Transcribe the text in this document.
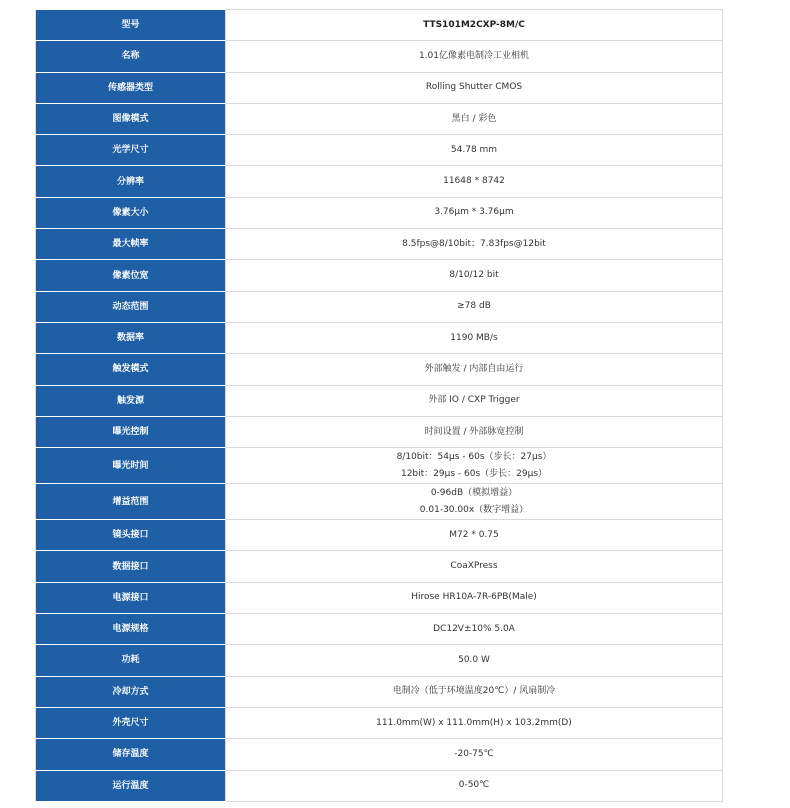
型号	TTS101M2CXP-8M/C

名称	1.01亿像素电制冷工业相机

传感器类型	Rolling Shutter CMOS

图像模式	黑白 / 彩色

光学尺寸	54.78 mm

分辨率	11648 * 8742

像素大小	3.76μm * 3.76μm

最大帧率	8.5fps@8/10bit；7.83fps@12bit

像素位宽	8/10/12 bit

动态范围	≥78 dB

数据率	1190 MB/s

触发模式	外部触发 / 内部自由运行

触发源	外部 IO / CXP Trigger

曝光控制	时间设置 / 外部脉宽控制

曝光时间	8/10bit：54μs - 60s（步长：27μs）
12bit：29μs - 60s（步长：29μs）

增益范围	0-96dB（模拟增益）
0.01-30.00x（数字增益）

镜头接口	M72 * 0.75

数据接口	CoaXPress

电源接口	Hirose HR10A-7R-6PB(Male)

电源规格	DC12V±10% 5.0A

功耗	50.0 W

冷却方式	电制冷（低于环境温度20℃）/ 风扇制冷

外壳尺寸	111.0mm(W) x 111.0mm(H) x 103.2mm(D)

储存温度	-20-75℃

运行温度	0-50℃
